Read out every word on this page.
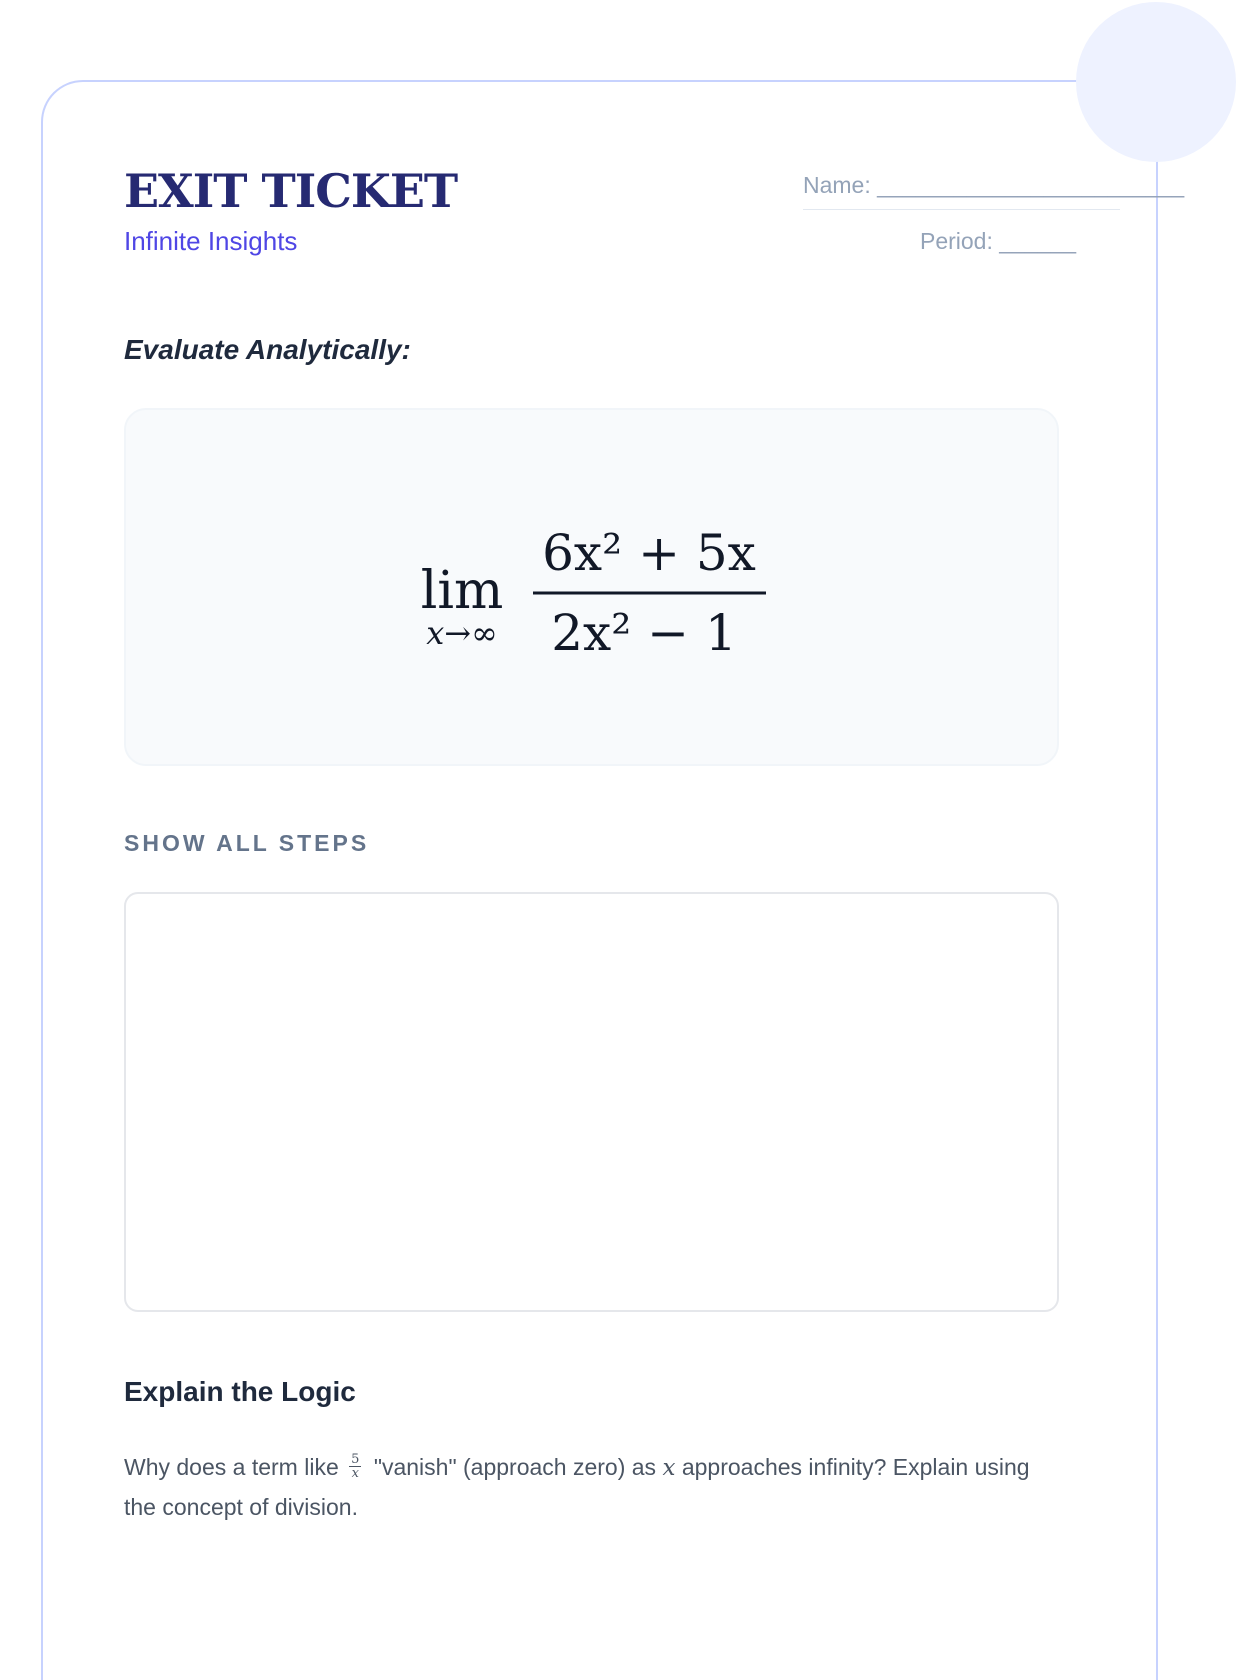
EXIT TICKET
Infinite Insights
Name: ________________________
Period: ______
Evaluate Analytically:
lim
x→∞
6x² + 5x
2x² − 1
SHOW ALL STEPS
Explain the Logic
Why does a term like $\frac{5}{x}$ "vanish" (approach zero) as x approaches infinity? Explain using the concept of division.
